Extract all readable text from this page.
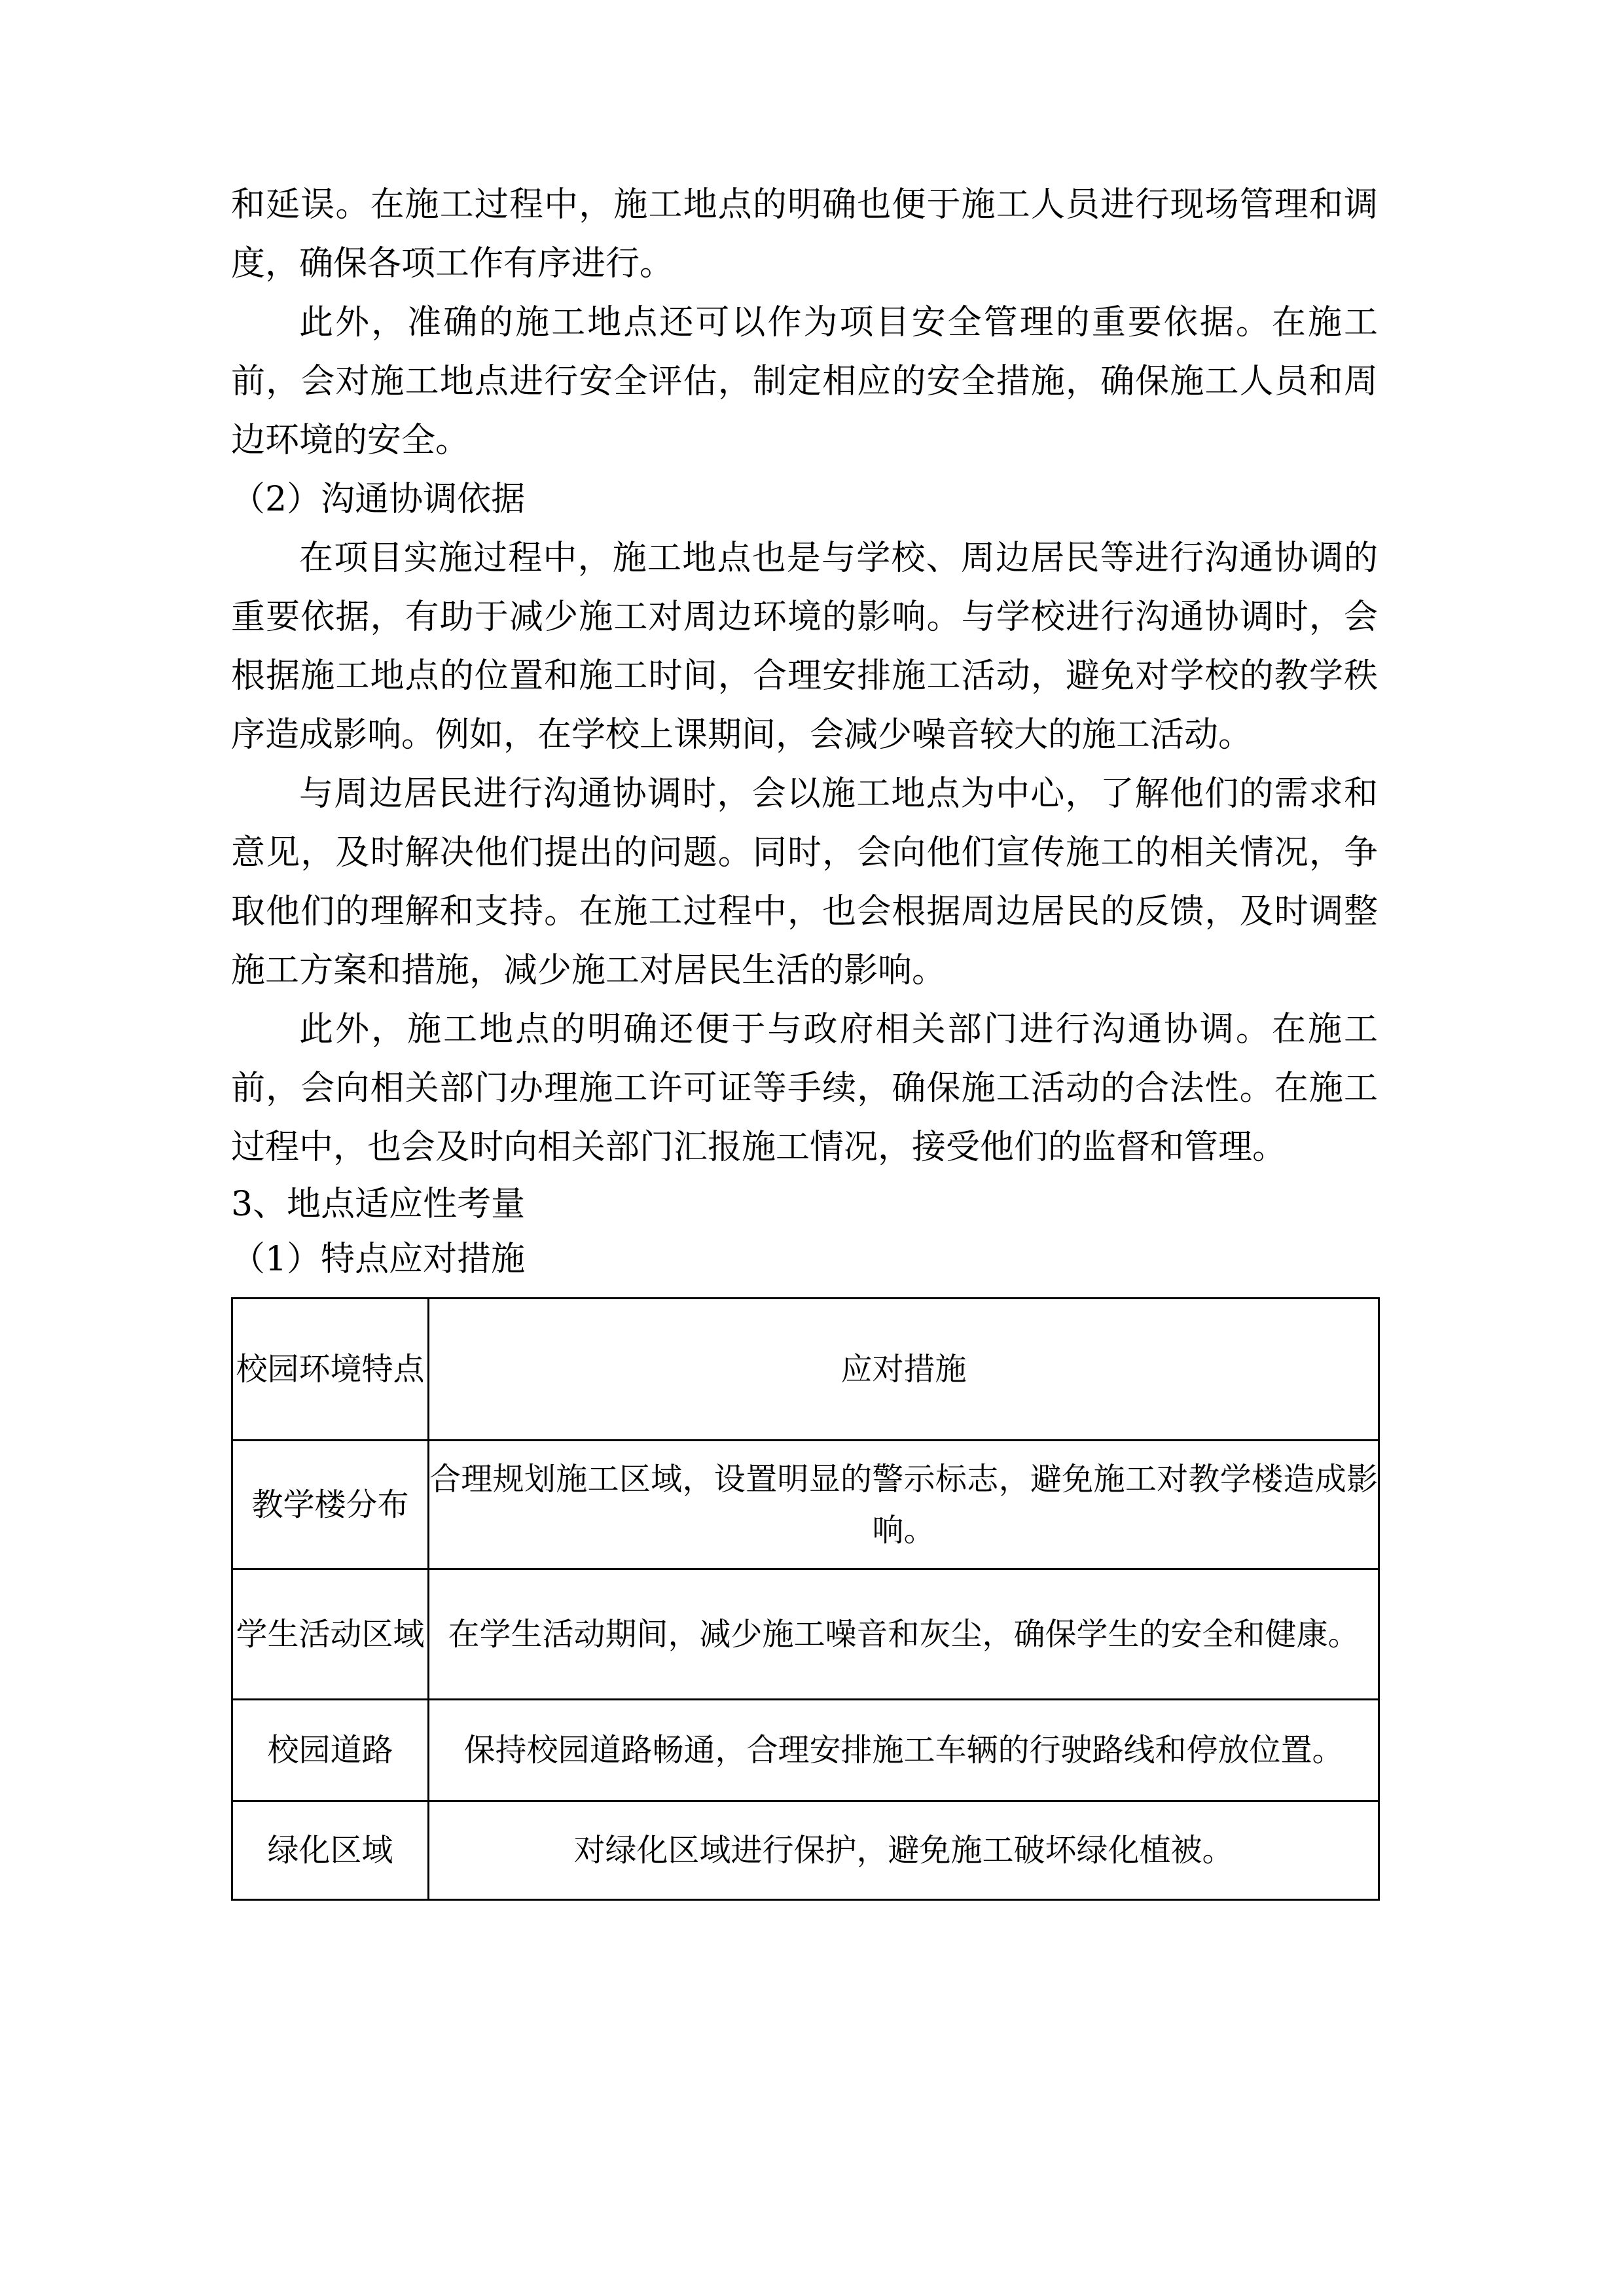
和延误。在施工过程中，施工地点的明确也便于施工人员进行现场管理和调度，确保各项工作有序进行。

此外，准确的施工地点还可以作为项目安全管理的重要依据。在施工前，会对施工地点进行安全评估，制定相应的安全措施，确保施工人员和周边环境的安全。

（2）沟通协调依据

在项目实施过程中，施工地点也是与学校、周边居民等进行沟通协调的重要依据，有助于减少施工对周边环境的影响。与学校进行沟通协调时，会根据施工地点的位置和施工时间，合理安排施工活动，避免对学校的教学秩序造成影响。例如，在学校上课期间，会减少噪音较大的施工活动。

与周边居民进行沟通协调时，会以施工地点为中心，了解他们的需求和意见，及时解决他们提出的问题。同时，会向他们宣传施工的相关情况，争取他们的理解和支持。在施工过程中，也会根据周边居民的反馈，及时调整施工方案和措施，减少施工对居民生活的影响。

此外，施工地点的明确还便于与政府相关部门进行沟通协调。在施工前，会向相关部门办理施工许可证等手续，确保施工活动的合法性。在施工过程中，也会及时向相关部门汇报施工情况，接受他们的监督和管理。

3、地点适应性考量

（1）特点应对措施

校园环境特点	应对措施
教学楼分布	合理规划施工区域，设置明显的警示标志，避免施工对教学楼造成影响。
学生活动区域	在学生活动期间，减少施工噪音和灰尘，确保学生的安全和健康。
校园道路	保持校园道路畅通，合理安排施工车辆的行驶路线和停放位置。
绿化区域	对绿化区域进行保护，避免施工破坏绿化植被。
